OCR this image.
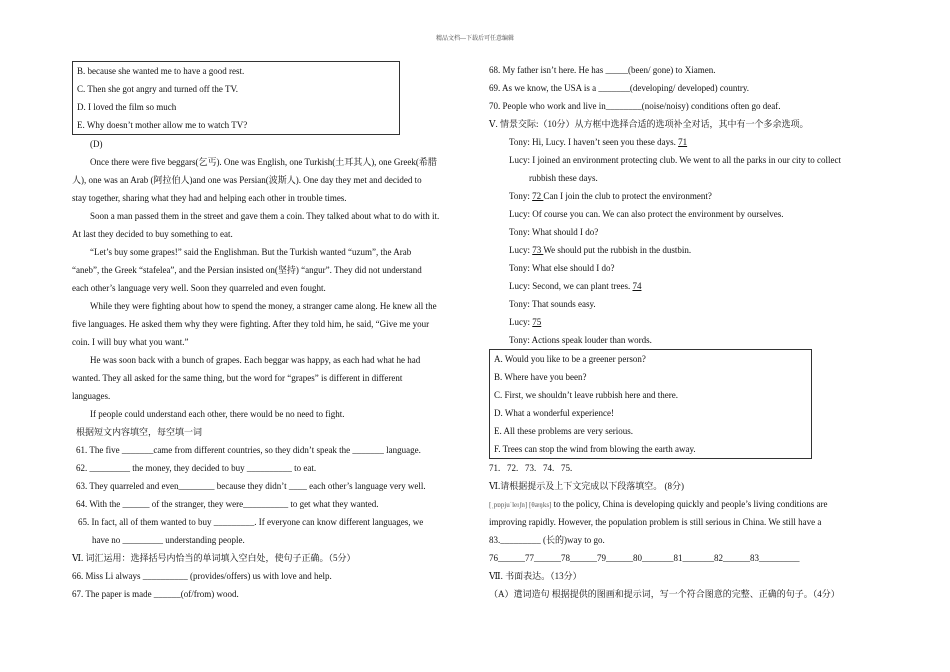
精品文档---下载后可任意编辑
B. because she wanted me to have a good rest.
C. Then she got angry and turned off the TV.
D. I loved the film so much
E. Why doesn’t mother allow me to watch TV?
(D)
Once there were five beggars(乞丐). One was English, one Turkish(土耳其人), one Greek(希腊
人), one was an Arab (阿拉伯人)and one was Persian(波斯人). One day they met and decided to
stay together, sharing what they had and helping each other in trouble times.
Soon a man passed them in the street and gave them a coin. They talked about what to do with it.
At last they decided to buy something to eat.
“Let’s buy some grapes!” said the Englishman. But the Turkish wanted “uzum”, the Arab
“aneb”, the Greek “stafelea”, and the Persian insisted on(坚持) “angur”. They did not understand
each other’s language very well. Soon they quarreled and even fought.
While they were fighting about how to spend the money, a stranger came along. He knew all the
five languages. He asked them why they were fighting. After they told him, he said, “Give me your
coin. I will buy what you want.”
He was soon back with a bunch of grapes. Each beggar was happy, as each had what he had
wanted. They all asked for the same thing, but the word for “grapes” is different in different
languages.
If people could understand each other, there would be no need to fight.
根据短文内容填空，每空填一词
61. The five _______came from different countries, so they didn’t speak the _______ language.
62. _________ the money, they decided to buy __________ to eat.
63. They quarreled and even________ because they didn’t ____ each other’s language very well.
64. With the ______ of the stranger, they were__________ to get what they wanted.
65. In fact, all of them wanted to buy _________. If everyone can know different languages, we
have no _________ understanding people.
Ⅵ. 词汇运用：选择括号内恰当的单词填入空白处，使句子正确。（5分）
66. Miss Li always __________ (provides/offers) us with love and help.
67. The paper is made ______(of/from) wood.
68. My father isn’t here. He has _____(been/ gone) to Xiamen.
69. As we know, the USA is a _______(developing/ developed) country.
70. People who work and live in________(noise/noisy) conditions often go deaf.
Ⅴ. 情景交际:（10分）从方框中选择合适的选项补全对话，其中有一个多余选项。
Tony: Hi, Lucy. I haven’t seen you these days. 71
Lucy: I joined an environment protecting club. We went to all the parks in our city to collect
rubbish these days.
Tony: 72 Can I join the club to protect the environment?
Lucy: Of course you can. We can also protect the environment by ourselves.
Tony: What should I do?
Lucy: 73 We should put the rubbish in the dustbin.
Tony: What else should I do?
Lucy: Second, we can plant trees. 74
Tony: That sounds easy.
Lucy: 75
Tony: Actions speak louder than words.
A. Would you like to be a greener person?
B. Where have you been?
C. First, we shouldn’t leave rubbish here and there.
D. What a wonderful experience!
E. All these problems are very serious.
F. Trees can stop the wind from blowing the earth away.
71.   72.   73.   74.   75.
Ⅵ.请根据提示及上下文完成以下段落填空。 (8分)
[ˌpɒpjuˈleɪʃn] [θæŋks] to the policy, China is developing quickly and people’s living conditions are
improving rapidly. However, the population problem is still serious in China. We still have a
83._________ (长的)way to go.
76______77______78______79______80_______81_______82______83_________
Ⅶ. 书面表达。（13分）
（A）遣词造句 根据提供的图画和提示词，写一个符合图意的完整、正确的句子。（4分）
